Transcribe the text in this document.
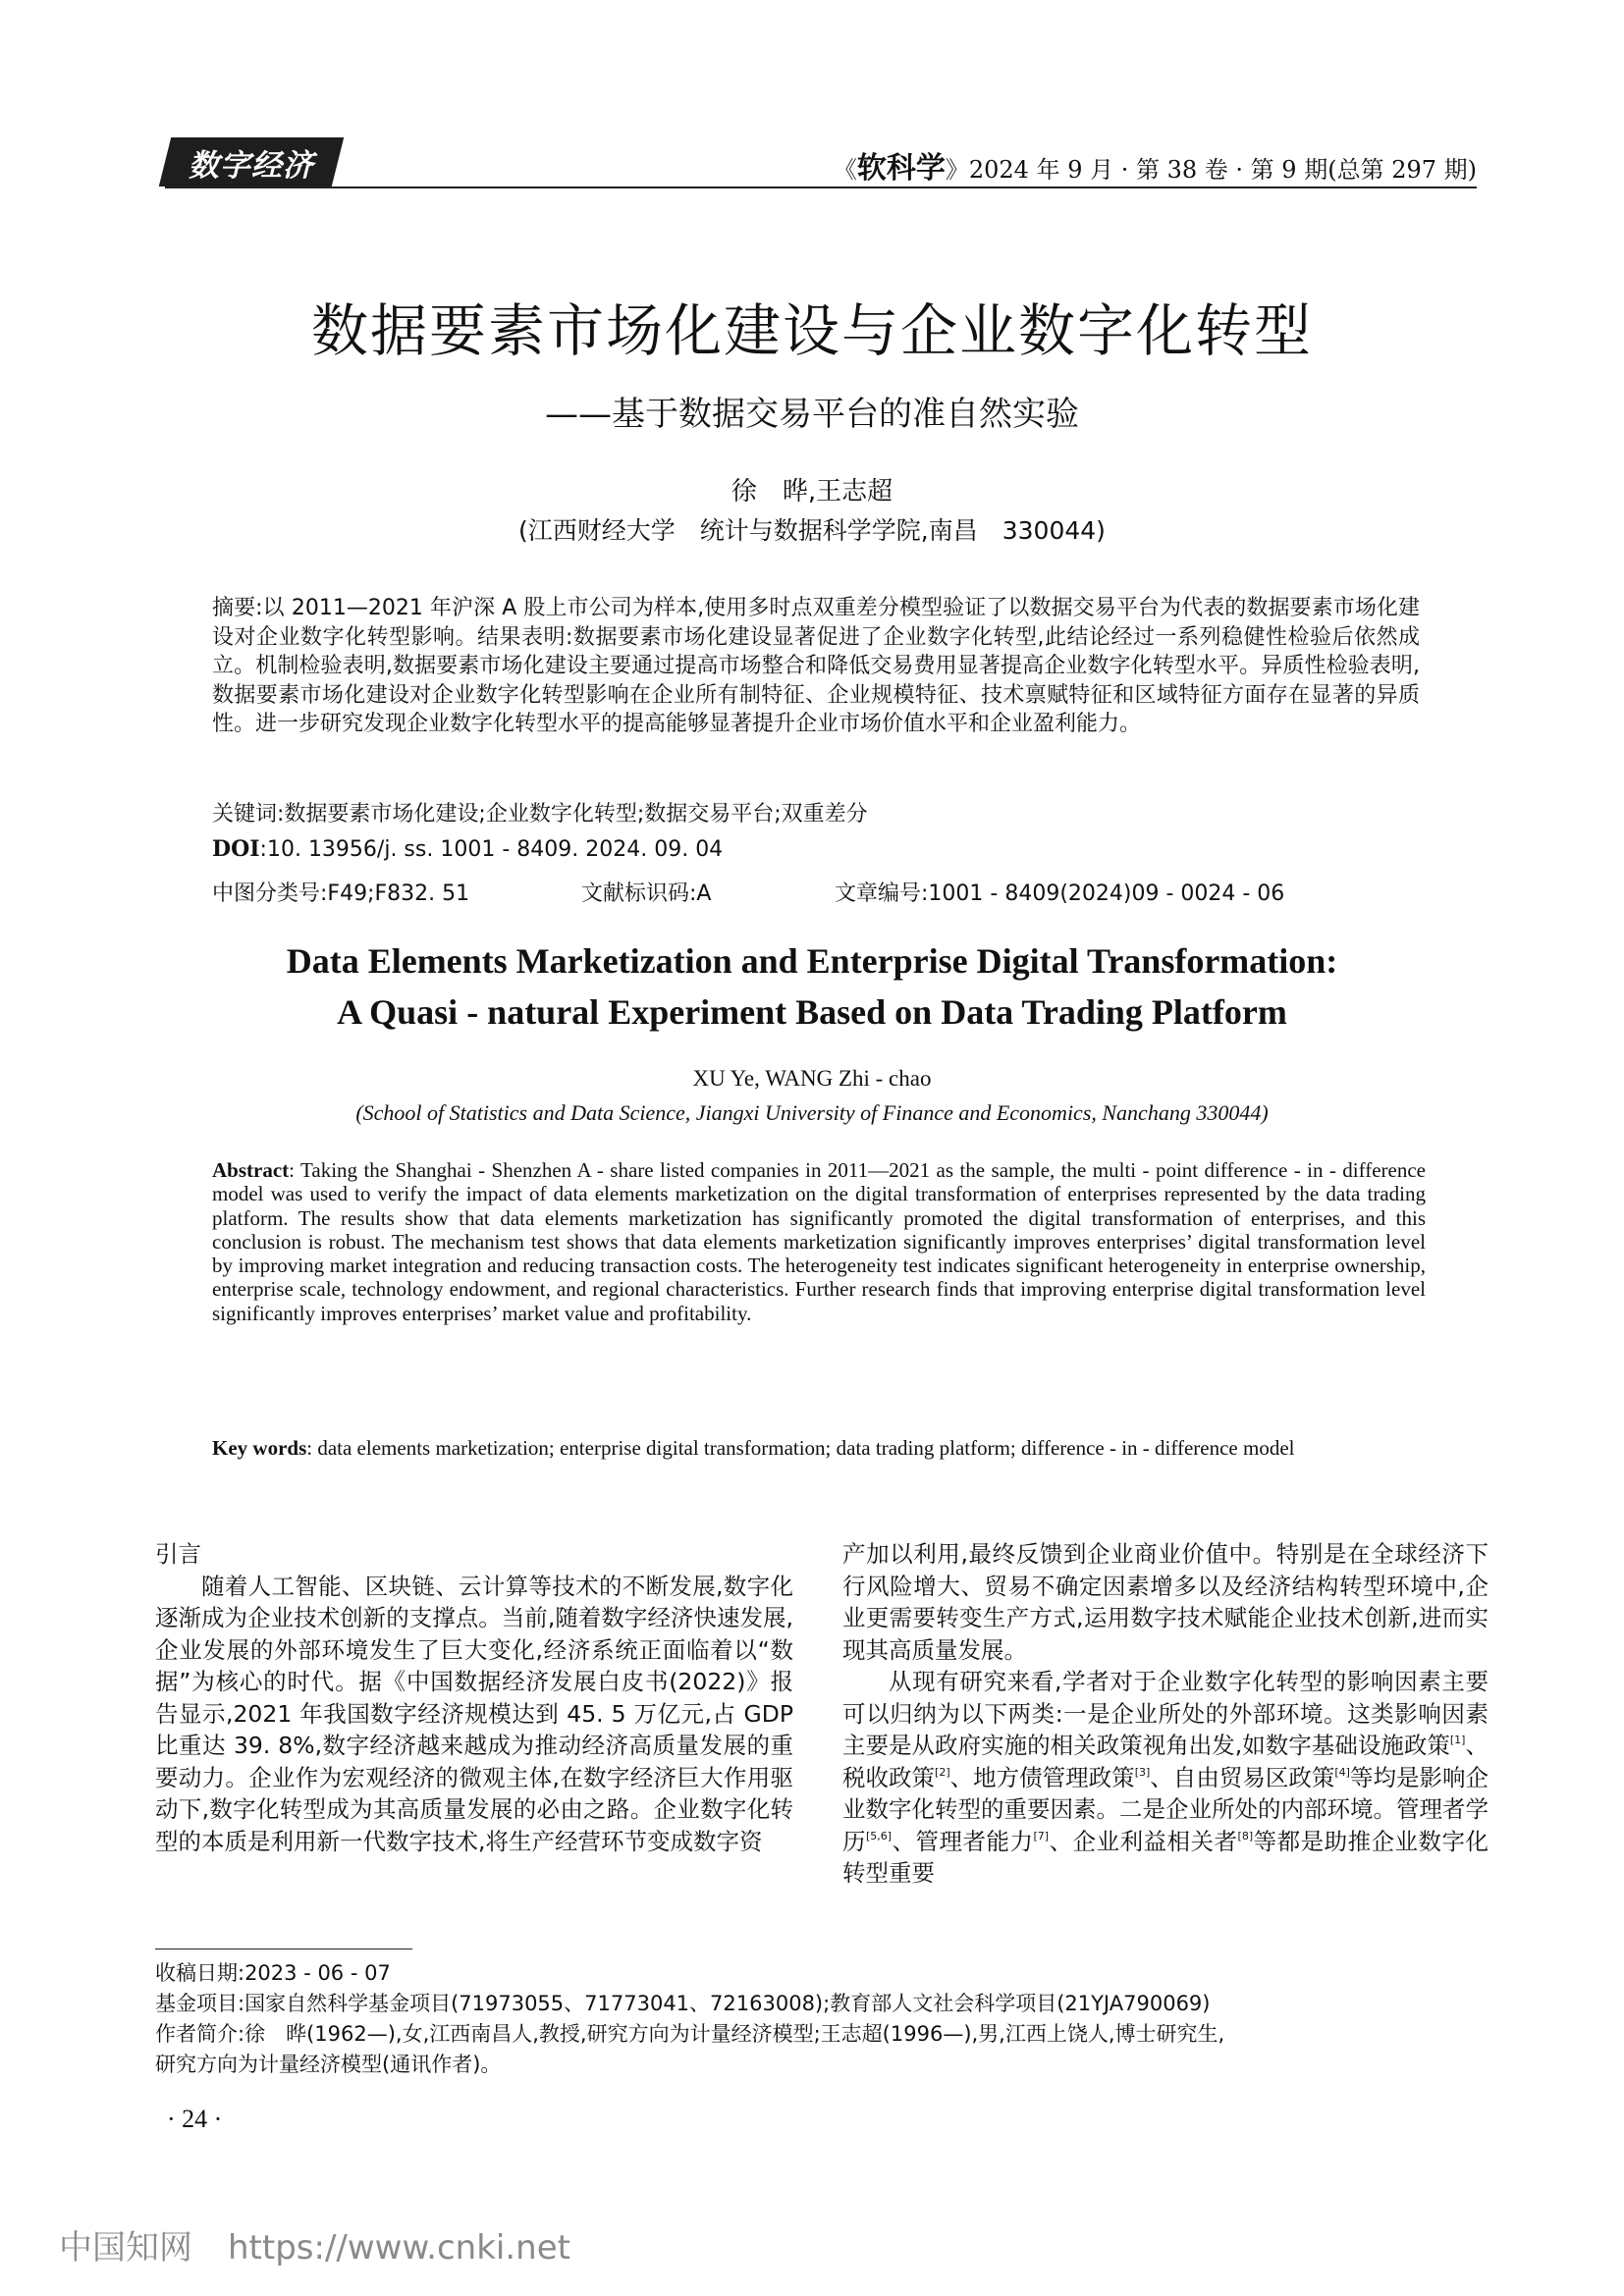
数字经济	《软科学》2024 年 9 月 · 第 38 卷 · 第 9 期(总第 297 期)
数据要素市场化建设与企业数字化转型
——基于数据交易平台的准自然实验
徐　晔,王志超
(江西财经大学　统计与数据科学学院,南昌　330044)
摘要:以 2011—2021 年沪深 A 股上市公司为样本,使用多时点双重差分模型验证了以数据交易平台为代表的数据要素市场化建设对企业数字化转型影响。结果表明:数据要素市场化建设显著促进了企业数字化转型,此结论经过一系列稳健性检验后依然成立。机制检验表明,数据要素市场化建设主要通过提高市场整合和降低交易费用显著提高企业数字化转型水平。异质性检验表明,数据要素市场化建设对企业数字化转型影响在企业所有制特征、企业规模特征、技术禀赋特征和区域特征方面存在显著的异质性。进一步研究发现企业数字化转型水平的提高能够显著提升企业市场价值水平和企业盈利能力。
关键词:数据要素市场化建设;企业数字化转型;数据交易平台;双重差分
DOI:10. 13956/j. ss. 1001 - 8409. 2024. 09. 04
中图分类号:F49;F832. 51	文献标识码:A	文章编号:1001 - 8409(2024)09 - 0024 - 06
Data Elements Marketization and Enterprise Digital Transformation:
A Quasi - natural Experiment Based on Data Trading Platform
XU Ye, WANG Zhi - chao
(School of Statistics and Data Science, Jiangxi University of Finance and Economics, Nanchang 330044)
Abstract: Taking the Shanghai - Shenzhen A - share listed companies in 2011—2021 as the sample, the multi - point difference - in - difference model was used to verify the impact of data elements marketization on the digital transformation of enterprises represented by the data trading platform. The results show that data elements marketization has significantly promoted the digital transformation of enterprises, and this conclusion is robust. The mechanism test shows that data elements marketization significantly improves enterprises’ digital transformation level by improving market integration and reducing transaction costs. The heterogeneity test indicates significant heterogeneity in enterprise ownership, enterprise scale, technology endowment, and regional characteristics. Further research finds that improving enterprise digital transformation level significantly improves enterprises’ market value and profitability.
Key words: data elements marketization; enterprise digital transformation; data trading platform; difference - in - difference model

引言

随着人工智能、区块链、云计算等技术的不断发展,数字化逐渐成为企业技术创新的支撑点。当前,随着数字经济快速发展,企业发展的外部环境发生了巨大变化,经济系统正面临着以“数据”为核心的时代。据《中国数据经济发展白皮书(2022)》报告显示,2021 年我国数字经济规模达到 45. 5 万亿元,占 GDP 比重达 39. 8%,数字经济越来越成为推动经济高质量发展的重要动力。企业作为宏观经济的微观主体,在数字经济巨大作用驱动下,数字化转型成为其高质量发展的必由之路。企业数字化转型的本质是利用新一代数字技术,将生产经营环节变成数字资

产加以利用,最终反馈到企业商业价值中。特别是在全球经济下行风险增大、贸易不确定因素增多以及经济结构转型环境中,企业更需要转变生产方式,运用数字技术赋能企业技术创新,进而实现其高质量发展。

从现有研究来看,学者对于企业数字化转型的影响因素主要可以归纳为以下两类:一是企业所处的外部环境。这类影响因素主要是从政府实施的相关政策视角出发,如数字基础设施政策[1]、税收政策[2]、地方债管理政策[3]、自由贸易区政策[4]等均是影响企业数字化转型的重要因素。二是企业所处的内部环境。管理者学历[5,6]、管理者能力[7]、企业利益相关者[8]等都是助推企业数字化转型重要

收稿日期:2023 - 06 - 07
基金项目:国家自然科学基金项目(71973055、71773041、72163008);教育部人文社会科学项目(21YJA790069)
作者简介:徐　晔(1962—),女,江西南昌人,教授,研究方向为计量经济模型;王志超(1996—),男,江西上饶人,博士研究生,
研究方向为计量经济模型(通讯作者)。
· 24 ·
中国知网 https://www.cnki.net
